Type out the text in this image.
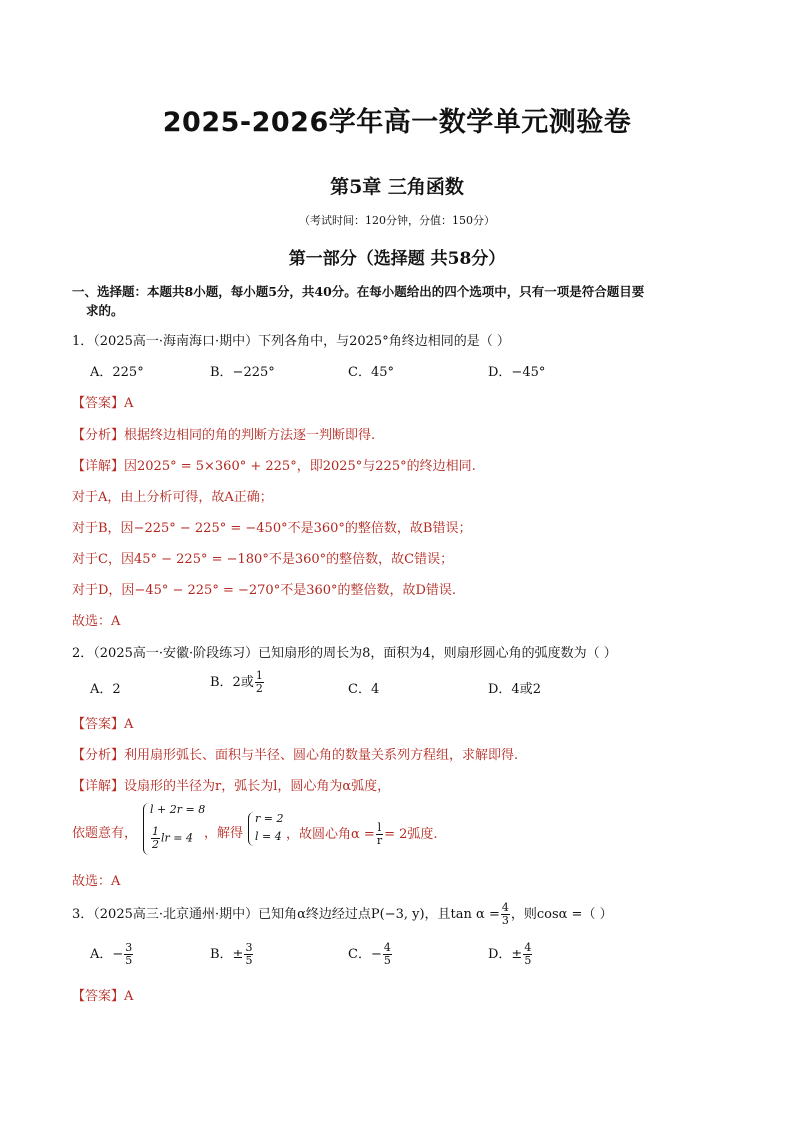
2025-2026学年高一数学单元测验卷
第5章 三角函数
（考试时间：120分钟，分值：150分）
第一部分（选择题 共58分）
一、选择题：本题共8小题，每小题5分，共40分。在每小题给出的四个选项中，只有一项是符合题目要
求的。
1．（2025高一·海南海口·期中）下列各角中，与2025°角终边相同的是（ ）
A．225°	B．−225°	C．45°	D．−45°
【答案】A
【分析】根据终边相同的角的判断方法逐一判断即得.
【详解】因2025° = 5×360° + 225°，即2025°与225°的终边相同.
对于A，由上分析可得，故A正确；
对于B，因−225° − 225° = −450°不是360°的整倍数，故B错误；
对于C，因45° − 225° = −180°不是360°的整倍数，故C错误；
对于D，因−45° − 225° = −270°不是360°的整倍数，故D错误.
故选：A
2．（2025高一·安徽·阶段练习）已知扇形的周长为8，面积为4，则扇形圆心角的弧度数为（ ）
A．2	B．2或 $\frac{1}{2}$	C．4	D．4或2
【答案】A
【分析】利用扇形弧长、面积与半径、圆心角的数量关系列方程组，求解即得.
【详解】设扇形的半径为r，弧长为l，圆心角为α弧度，
依题意有，
l + 2r = 8
$\frac{1}{2}$ lr = 4 ，解得
r = 2
l = 4 ，故圆心角$\alpha = \frac{l}{r} = 2$弧度.
故选：A
3．（2025高三·北京通州·期中）已知角α终边经过点P(−3, y)，且$\tan \alpha = \frac{4}{3}$ ，则cosα =（ ）
A．− $\frac{3}{5}$	B．± $\frac{3}{5}$	C．− $\frac{4}{5}$	D．± $\frac{4}{5}$
【答案】A
